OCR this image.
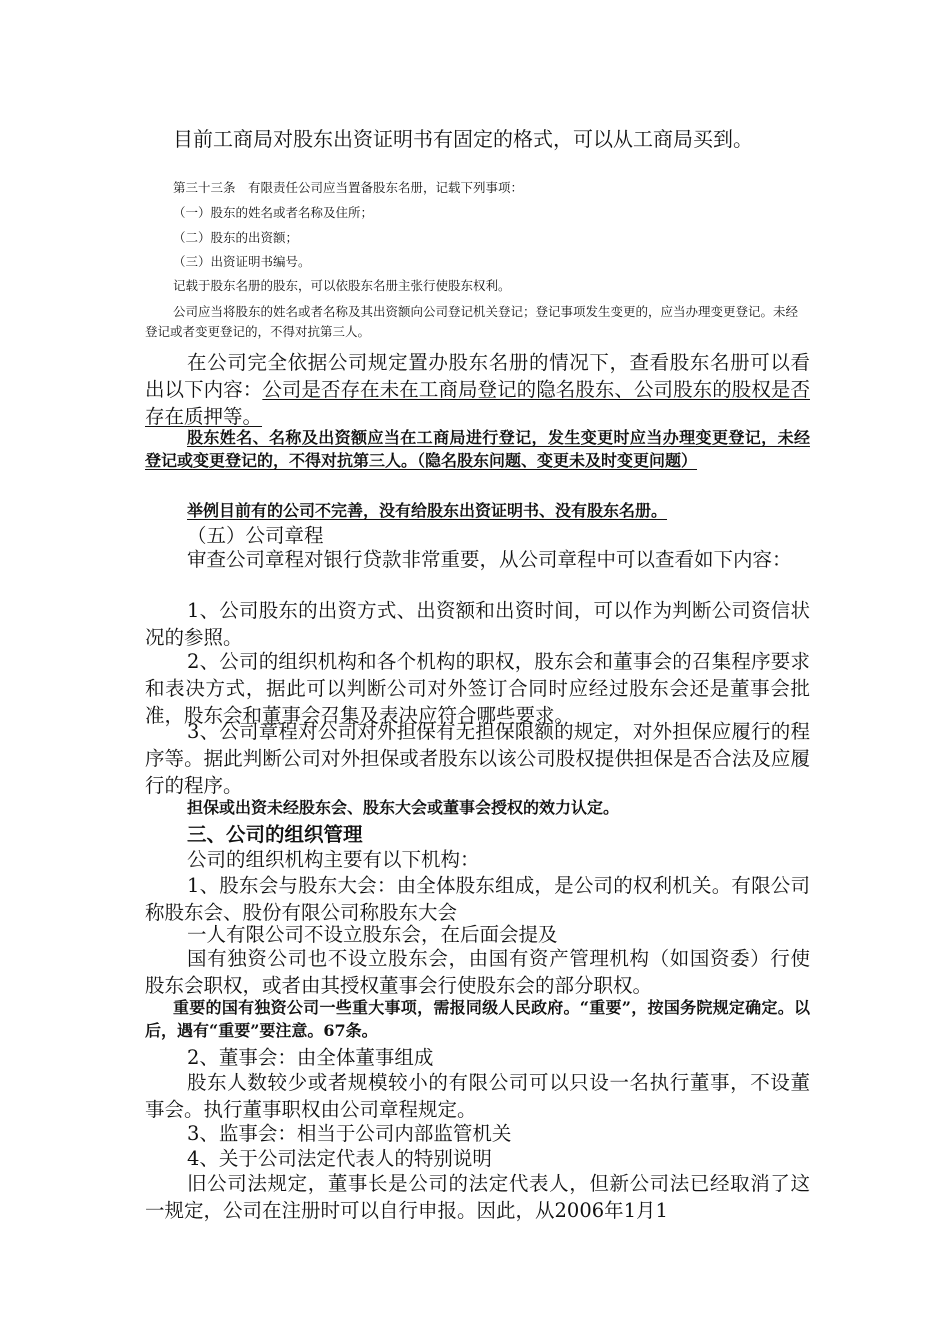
目前工商局对股东出资证明书有固定的格式，可以从工商局买到。

第三十三条　有限责任公司应当置备股东名册，记载下列事项：

（一）股东的姓名或者名称及住所；

（二）股东的出资额；

（三）出资证明书编号。

记载于股东名册的股东，可以依股东名册主张行使股东权利。

公司应当将股东的姓名或者名称及其出资额向公司登记机关登记；登记事项发生变更的，应当办理变更登记。未经登记或者变更登记的，不得对抗第三人。

在公司完全依据公司规定置办股东名册的情况下，查看股东名册可以看出以下内容：公司是否存在未在工商局登记的隐名股东、公司股东的股权是否存在质押等。

股东姓名、名称及出资额应当在工商局进行登记，发生变更时应当办理变更登记，未经登记或变更登记的，不得对抗第三人。（隐名股东问题、变更未及时变更问题）

举例目前有的公司不完善，没有给股东出资证明书、没有股东名册。

（五）公司章程

审查公司章程对银行贷款非常重要，从公司章程中可以查看如下内容：

1、公司股东的出资方式、出资额和出资时间，可以作为判断公司资信状况的参照。

2、公司的组织机构和各个机构的职权，股东会和董事会的召集程序要求和表决方式，据此可以判断公司对外签订合同时应经过股东会还是董事会批准，股东会和董事会召集及表决应符合哪些要求。

3、公司章程对公司对外担保有无担保限额的规定，对外担保应履行的程序等。据此判断公司对外担保或者股东以该公司股权提供担保是否合法及应履行的程序。

担保或出资未经股东会、股东大会或董事会授权的效力认定。

三、公司的组织管理

公司的组织机构主要有以下机构：

1、股东会与股东大会：由全体股东组成，是公司的权利机关。有限公司称股东会、股份有限公司称股东大会

一人有限公司不设立股东会，在后面会提及

国有独资公司也不设立股东会，由国有资产管理机构（如国资委）行使股东会职权，或者由其授权董事会行使股东会的部分职权。

重要的国有独资公司一些重大事项，需报同级人民政府。“重要”，按国务院规定确定。以后，遇有“重要”要注意。67条。

2、董事会：由全体董事组成

股东人数较少或者规模较小的有限公司可以只设一名执行董事，不设董事会。执行董事职权由公司章程规定。

3、监事会：相当于公司内部监管机关

4、关于公司法定代表人的特别说明

旧公司法规定，董事长是公司的法定代表人，但新公司法已经取消了这一规定，公司在注册时可以自行申报。因此，从2006年1月1
